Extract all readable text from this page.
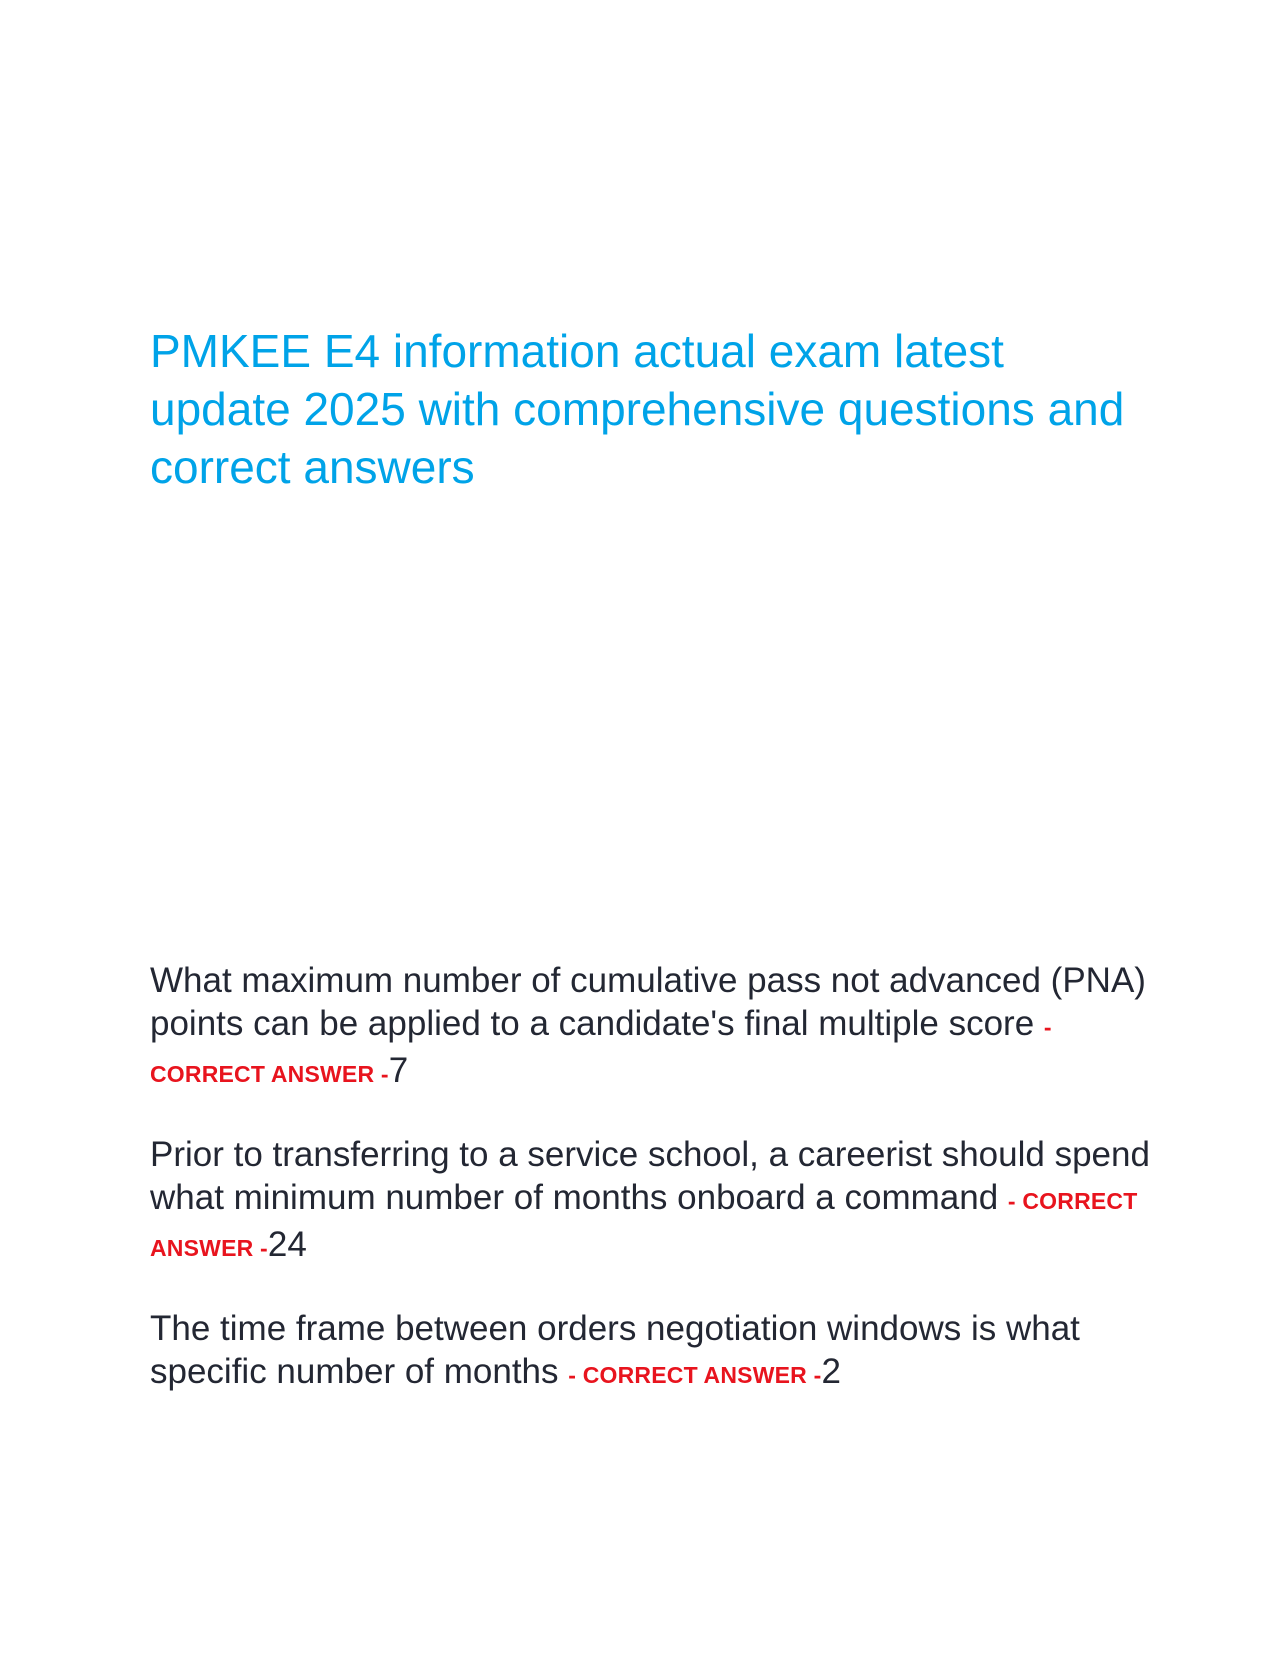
PMKEE E4 information actual exam latest update 2025 with comprehensive questions and correct answers

What maximum number of cumulative pass not advanced (PNA) points can be applied to a candidate's final multiple score - CORRECT ANSWER -7

Prior to transferring to a service school, a careerist should spend what minimum number of months onboard a command - CORRECT ANSWER -24

The time frame between orders negotiation windows is what specific number of months - CORRECT ANSWER -2
